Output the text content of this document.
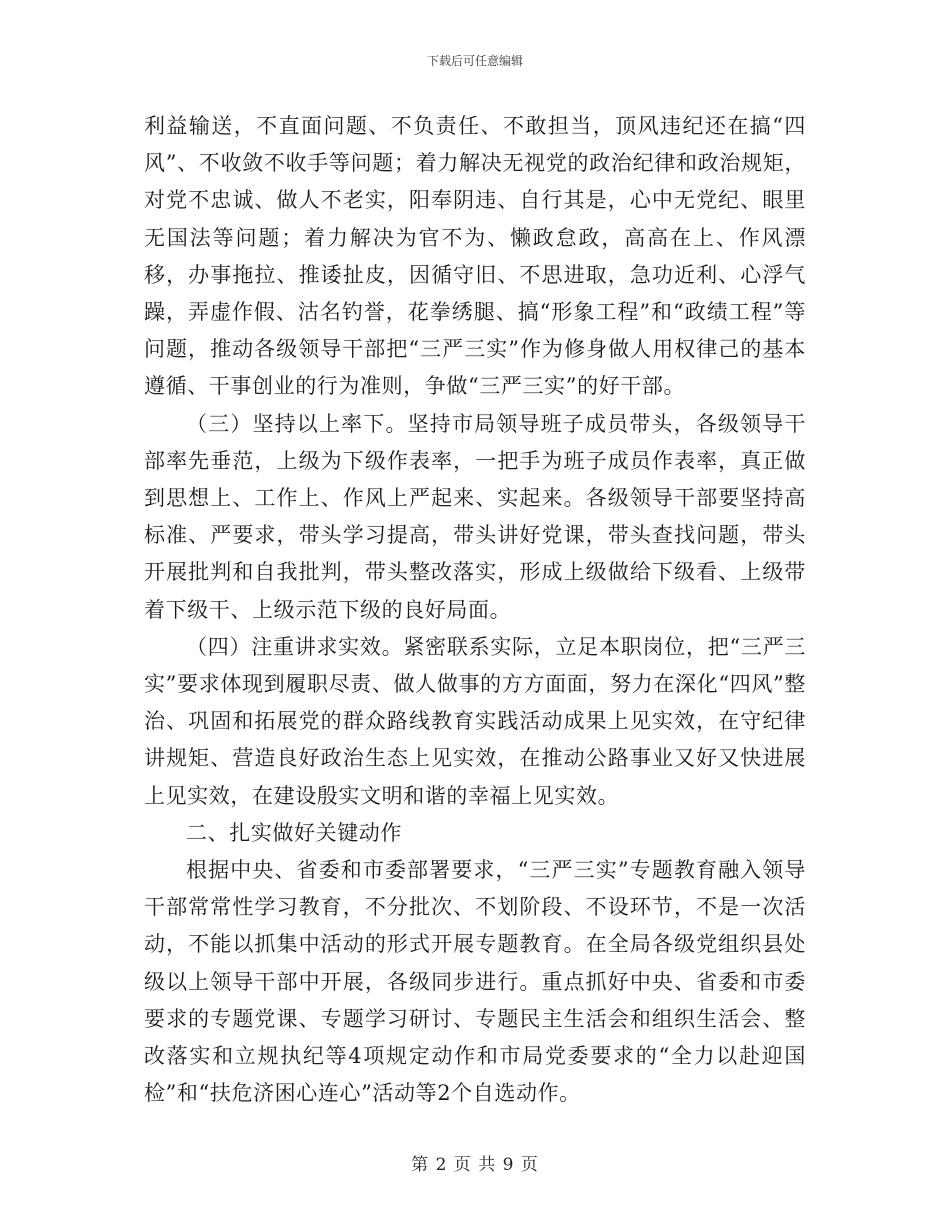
下载后可任意编辑

利益输送，不直面问题、不负责任、不敢担当，顶风违纪还在搞“四风”、不收敛不收手等问题；着力解决无视党的政治纪律和政治规矩，对党不忠诚、做人不老实，阳奉阴违、自行其是，心中无党纪、眼里无国法等问题；着力解决为官不为、懒政怠政，高高在上、作风漂移，办事拖拉、推诿扯皮，因循守旧、不思进取，急功近利、心浮气躁，弄虚作假、沽名钓誉，花拳绣腿、搞“形象工程”和“政绩工程”等问题，推动各级领导干部把“三严三实”作为修身做人用权律己的基本遵循、干事创业的行为准则，争做“三严三实”的好干部。

（三）坚持以上率下。坚持市局领导班子成员带头，各级领导干部率先垂范，上级为下级作表率，一把手为班子成员作表率，真正做到思想上、工作上、作风上严起来、实起来。各级领导干部要坚持高标准、严要求，带头学习提高，带头讲好党课，带头查找问题，带头开展批判和自我批判，带头整改落实，形成上级做给下级看、上级带着下级干、上级示范下级的良好局面。

（四）注重讲求实效。紧密联系实际，立足本职岗位，把“三严三实”要求体现到履职尽责、做人做事的方方面面，努力在深化“四风”整治、巩固和拓展党的群众路线教育实践活动成果上见实效，在守纪律讲规矩、营造良好政治生态上见实效，在推动公路事业又好又快进展上见实效，在建设殷实文明和谐的幸福上见实效。

二、扎实做好关键动作

根据中央、省委和市委部署要求，“三严三实”专题教育融入领导干部常常性学习教育，不分批次、不划阶段、不设环节，不是一次活动，不能以抓集中活动的形式开展专题教育。在全局各级党组织县处级以上领导干部中开展，各级同步进行。重点抓好中央、省委和市委要求的专题党课、专题学习研讨、专题民主生活会和组织生活会、整改落实和立规执纪等4项规定动作和市局党委要求的“全力以赴迎国检”和“扶危济困心连心”活动等2个自选动作。

第 2 页 共 9 页
